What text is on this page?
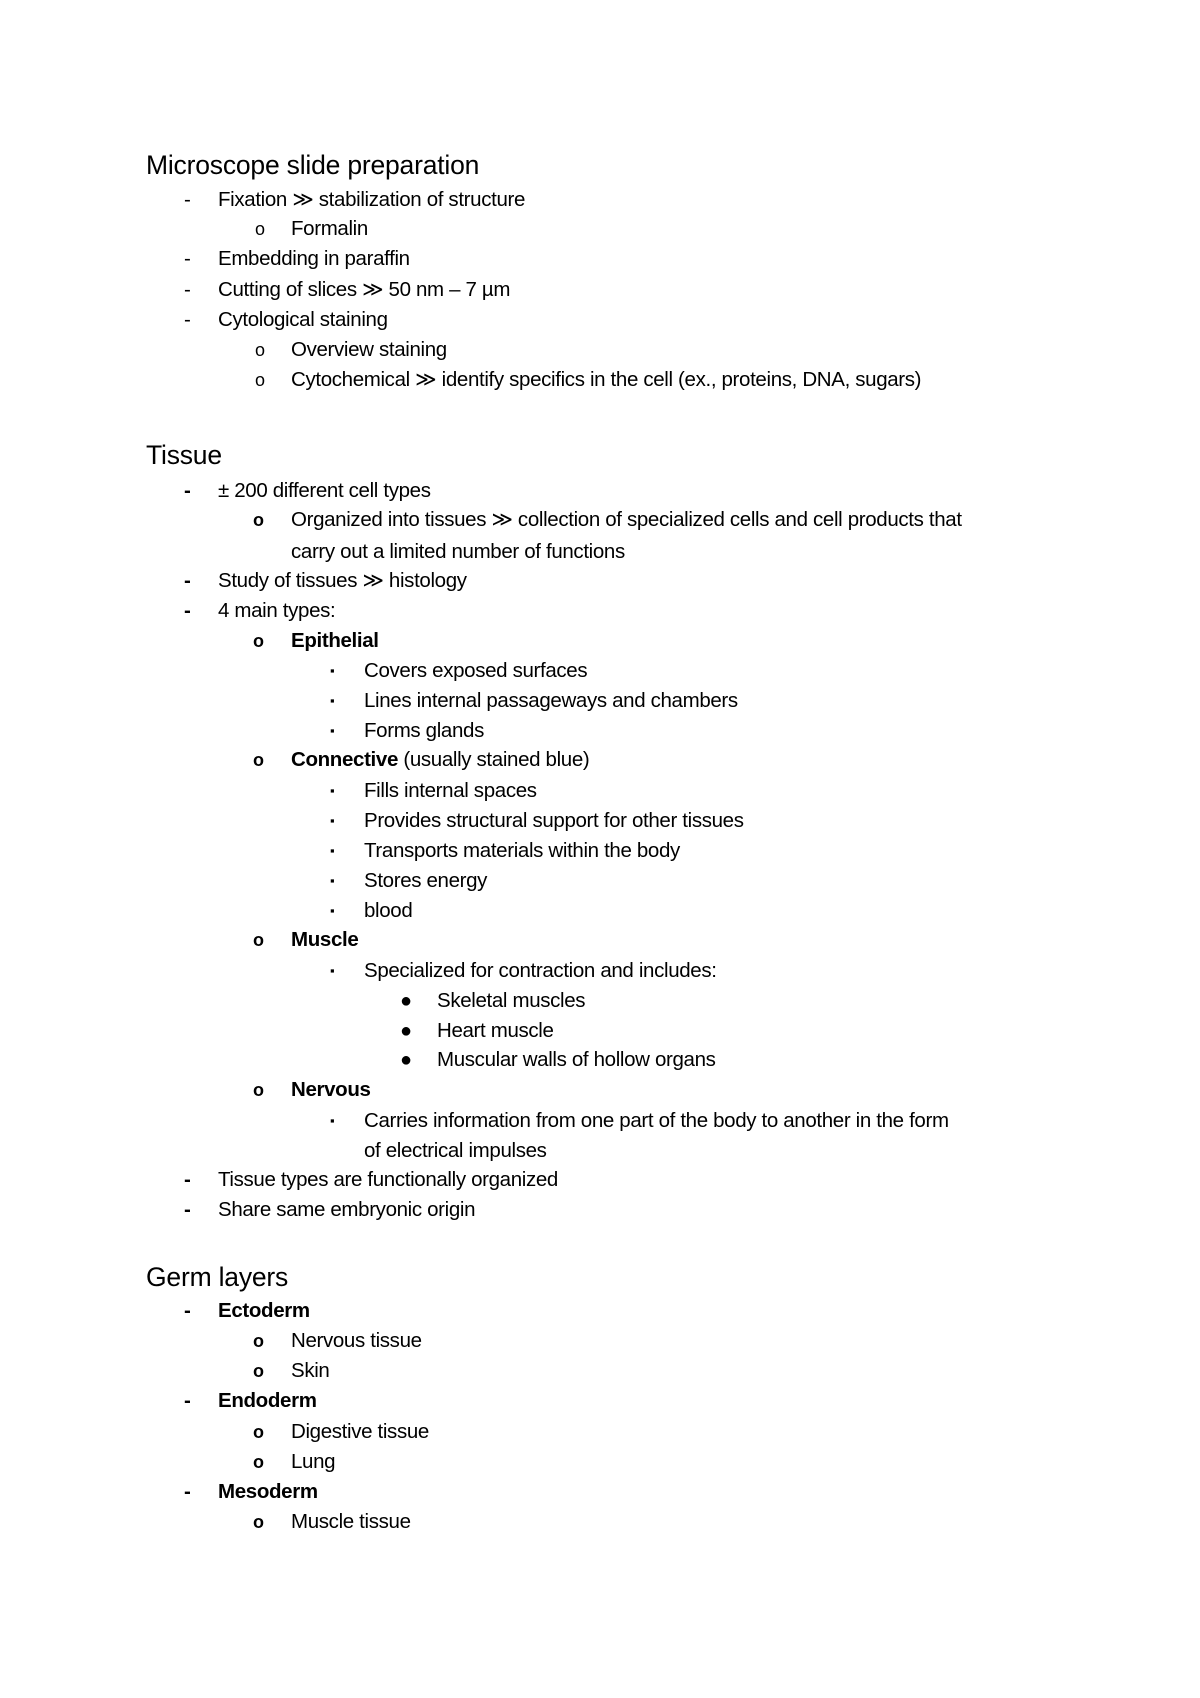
Microscope slide preparation
- Fixation ≫ stabilization of structure
o Formalin
- Embedding in paraffin
- Cutting of slices ≫ 50 nm – 7 µm
- Cytological staining
o Overview staining
o Cytochemical ≫ identify specifics in the cell (ex., proteins, DNA, sugars)
Tissue
- ± 200 different cell types
o Organized into tissues ≫ collection of specialized cells and cell products that
carry out a limited number of functions
- Study of tissues ≫ histology
- 4 main types:
o Epithelial
▪ Covers exposed surfaces
▪ Lines internal passageways and chambers
▪ Forms glands
o Connective (usually stained blue)
▪ Fills internal spaces
▪ Provides structural support for other tissues
▪ Transports materials within the body
▪ Stores energy
▪ blood
o Muscle
▪ Specialized for contraction and includes:
● Skeletal muscles
● Heart muscle
● Muscular walls of hollow organs
o Nervous
▪ Carries information from one part of the body to another in the form
of electrical impulses
- Tissue types are functionally organized
- Share same embryonic origin
Germ layers
- Ectoderm
o Nervous tissue
o Skin
- Endoderm
o Digestive tissue
o Lung
- Mesoderm
o Muscle tissue
